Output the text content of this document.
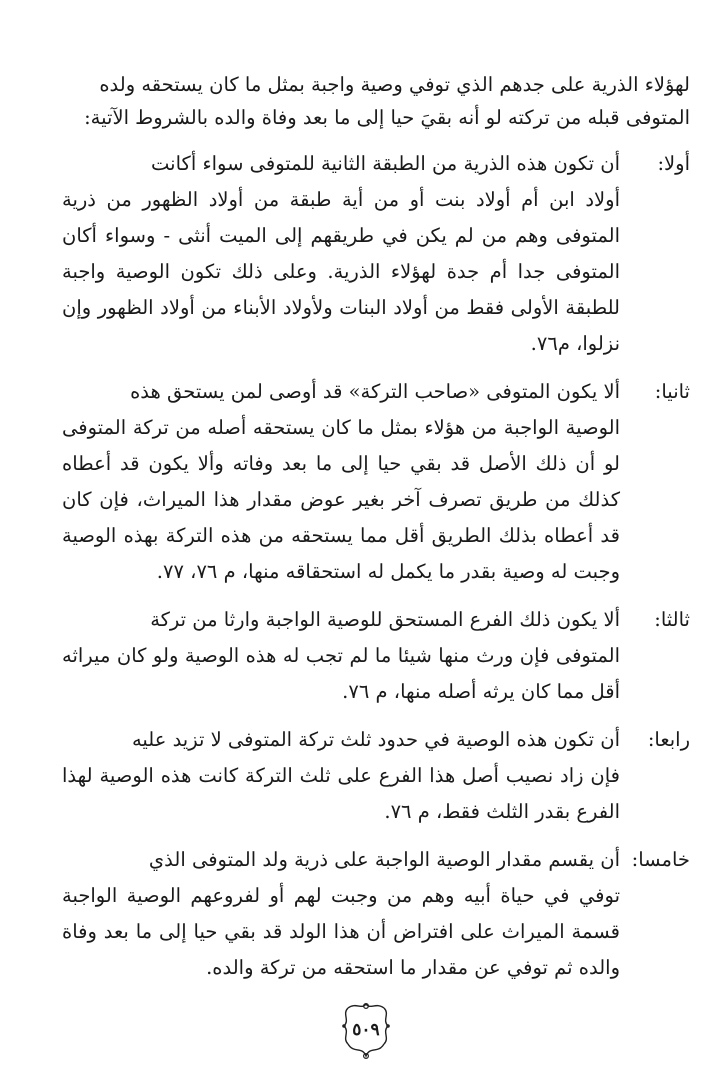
لهؤلاء الذرية على جدهم الذي توفي وصية واجبة بمثل ما كان يستحقه ولده

المتوفى قبله من تركته لو أنه بقيَ حيا إلى ما بعد وفاة والده بالشروط الآتية:

أولا:
أن تكون هذه الذرية من الطبقة الثانية للمتوفى سواء أكانت
أولاد ابن أم أولاد بنت أو من أية طبقة من أولاد الظهور من ذرية المتوفى وهم من لم يكن في طريقهم إلى الميت أنثى - وسواء أكان المتوفى جدا أم جدة لهؤلاء الذرية. وعلى ذلك تكون الوصية واجبة للطبقة الأولى فقط من أولاد البنات ولأولاد الأبناء من أولاد الظهور وإن نزلوا، م٧٦.
ثانيا:
ألا يكون المتوفى «صاحب التركة» قد أوصى لمن يستحق هذه
الوصية الواجبة من هؤلاء بمثل ما كان يستحقه أصله من تركة المتوفى لو أن ذلك الأصل قد بقي حيا إلى ما بعد وفاته وألا يكون قد أعطاه كذلك من طريق تصرف آخر بغير عوض مقدار هذا الميراث، فإن كان قد أعطاه بذلك الطريق أقل مما يستحقه من هذه التركة بهذه الوصية وجبت له وصية بقدر ما يكمل له استحقاقه منها، م ٧٦، ٧٧.
ثالثا:
ألا يكون ذلك الفرع المستحق للوصية الواجبة وارثا من تركة
المتوفى فإن ورث منها شيئا ما لم تجب له هذه الوصية ولو كان ميراثه أقل مما كان يرثه أصله منها، م ٧٦.
رابعا:
أن تكون هذه الوصية في حدود ثلث تركة المتوفى لا تزيد عليه
فإن زاد نصيب أصل هذا الفرع على ثلث التركة كانت هذه الوصية لهذا الفرع بقدر الثلث فقط، م ٧٦.
خامسا:
أن يقسم مقدار الوصية الواجبة على ذرية ولد المتوفى الذي
توفي في حياة أبيه وهم من وجبت لهم أو لفروعهم الوصية الواجبة قسمة الميراث على افتراض أن هذا الولد قد بقي حيا إلى ما بعد وفاة والده ثم توفي عن مقدار ما استحقه من تركة والده.
٥٠٩
